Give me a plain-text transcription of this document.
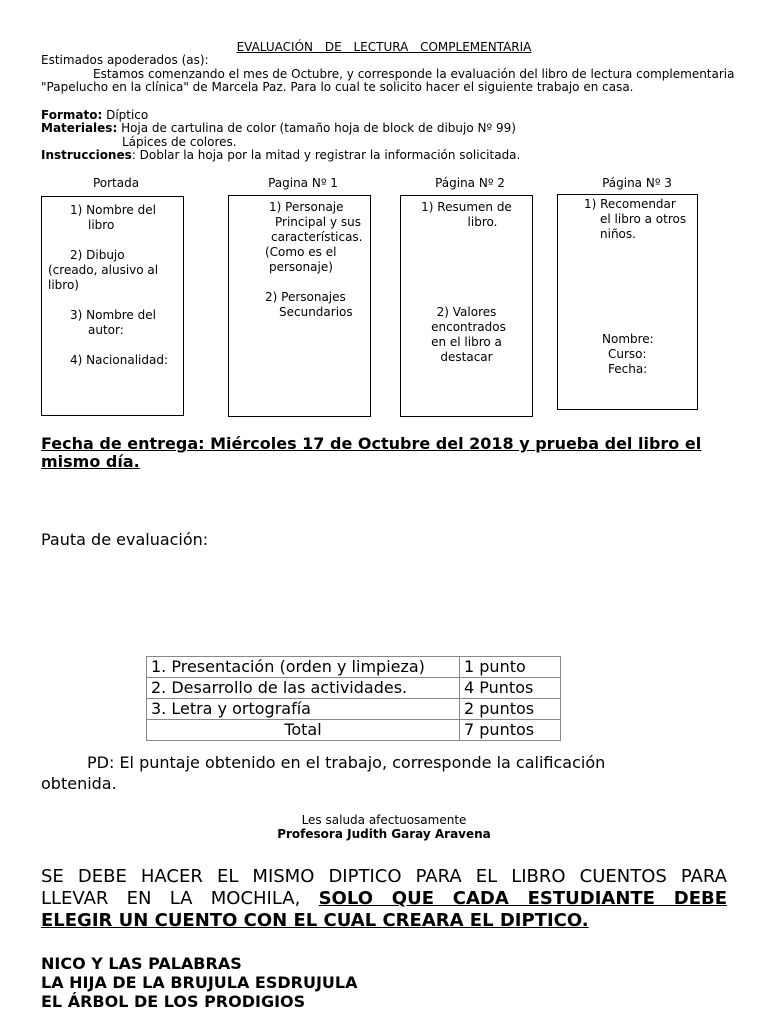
EVALUACIÓN DE LECTURA COMPLEMENTARIA
Estimados apoderados (as):
Estamos comenzando el mes de Octubre, y corresponde la evaluación del libro de lectura complementaria
"Papelucho en la clínica" de Marcela Paz. Para lo cual te solicito hacer el siguiente trabajo en casa.
Formato: Díptico
Materiales: Hoja de cartulina de color (tamaño hoja de block de dibujo Nº 99)
Lápices de colores.
Instrucciones: Doblar la hoja por la mitad y registrar la información solicitada.
Portada	Pagina Nº 1	Página Nº 2	Página Nº 3

1) Nombre del

libro

2) Dibujo

(creado, alusivo al

libro)

3) Nombre del

autor:

4) Nacionalidad:

1) Personaje

Principal y sus

características.

(Como es el

personaje)

2) Personajes

Secundarios

1) Resumen de

libro.

2) Valores

encontrados

en el libro a

destacar

1) Recomendar

el libro a otros

niños.

Nombre:

Curso:

Fecha:

Fecha de entrega: Miércoles 17 de Octubre del 2018 y prueba del libro el
mismo día.
Pauta de evaluación:
1. Presentación (orden y limpieza)	1 punto
2. Desarrollo de las actividades.	4 Puntos
3. Letra y ortografía	2 puntos
Total	7 puntos
PD: El puntaje obtenido en el trabajo, corresponde la calificación
obtenida.
Les saluda afectuosamente
Profesora Judith Garay Aravena
SE DEBE HACER EL MISMO DIPTICO PARA EL LIBRO CUENTOS PARA
LLEVAR EN LA MOCHILA, SOLO QUE CADA ESTUDIANTE DEBE
ELEGIR UN CUENTO CON EL CUAL CREARA EL DIPTICO.
NICO Y LAS PALABRAS
LA HIJA DE LA BRUJULA ESDRUJULA
EL ÁRBOL DE LOS PRODIGIOS
